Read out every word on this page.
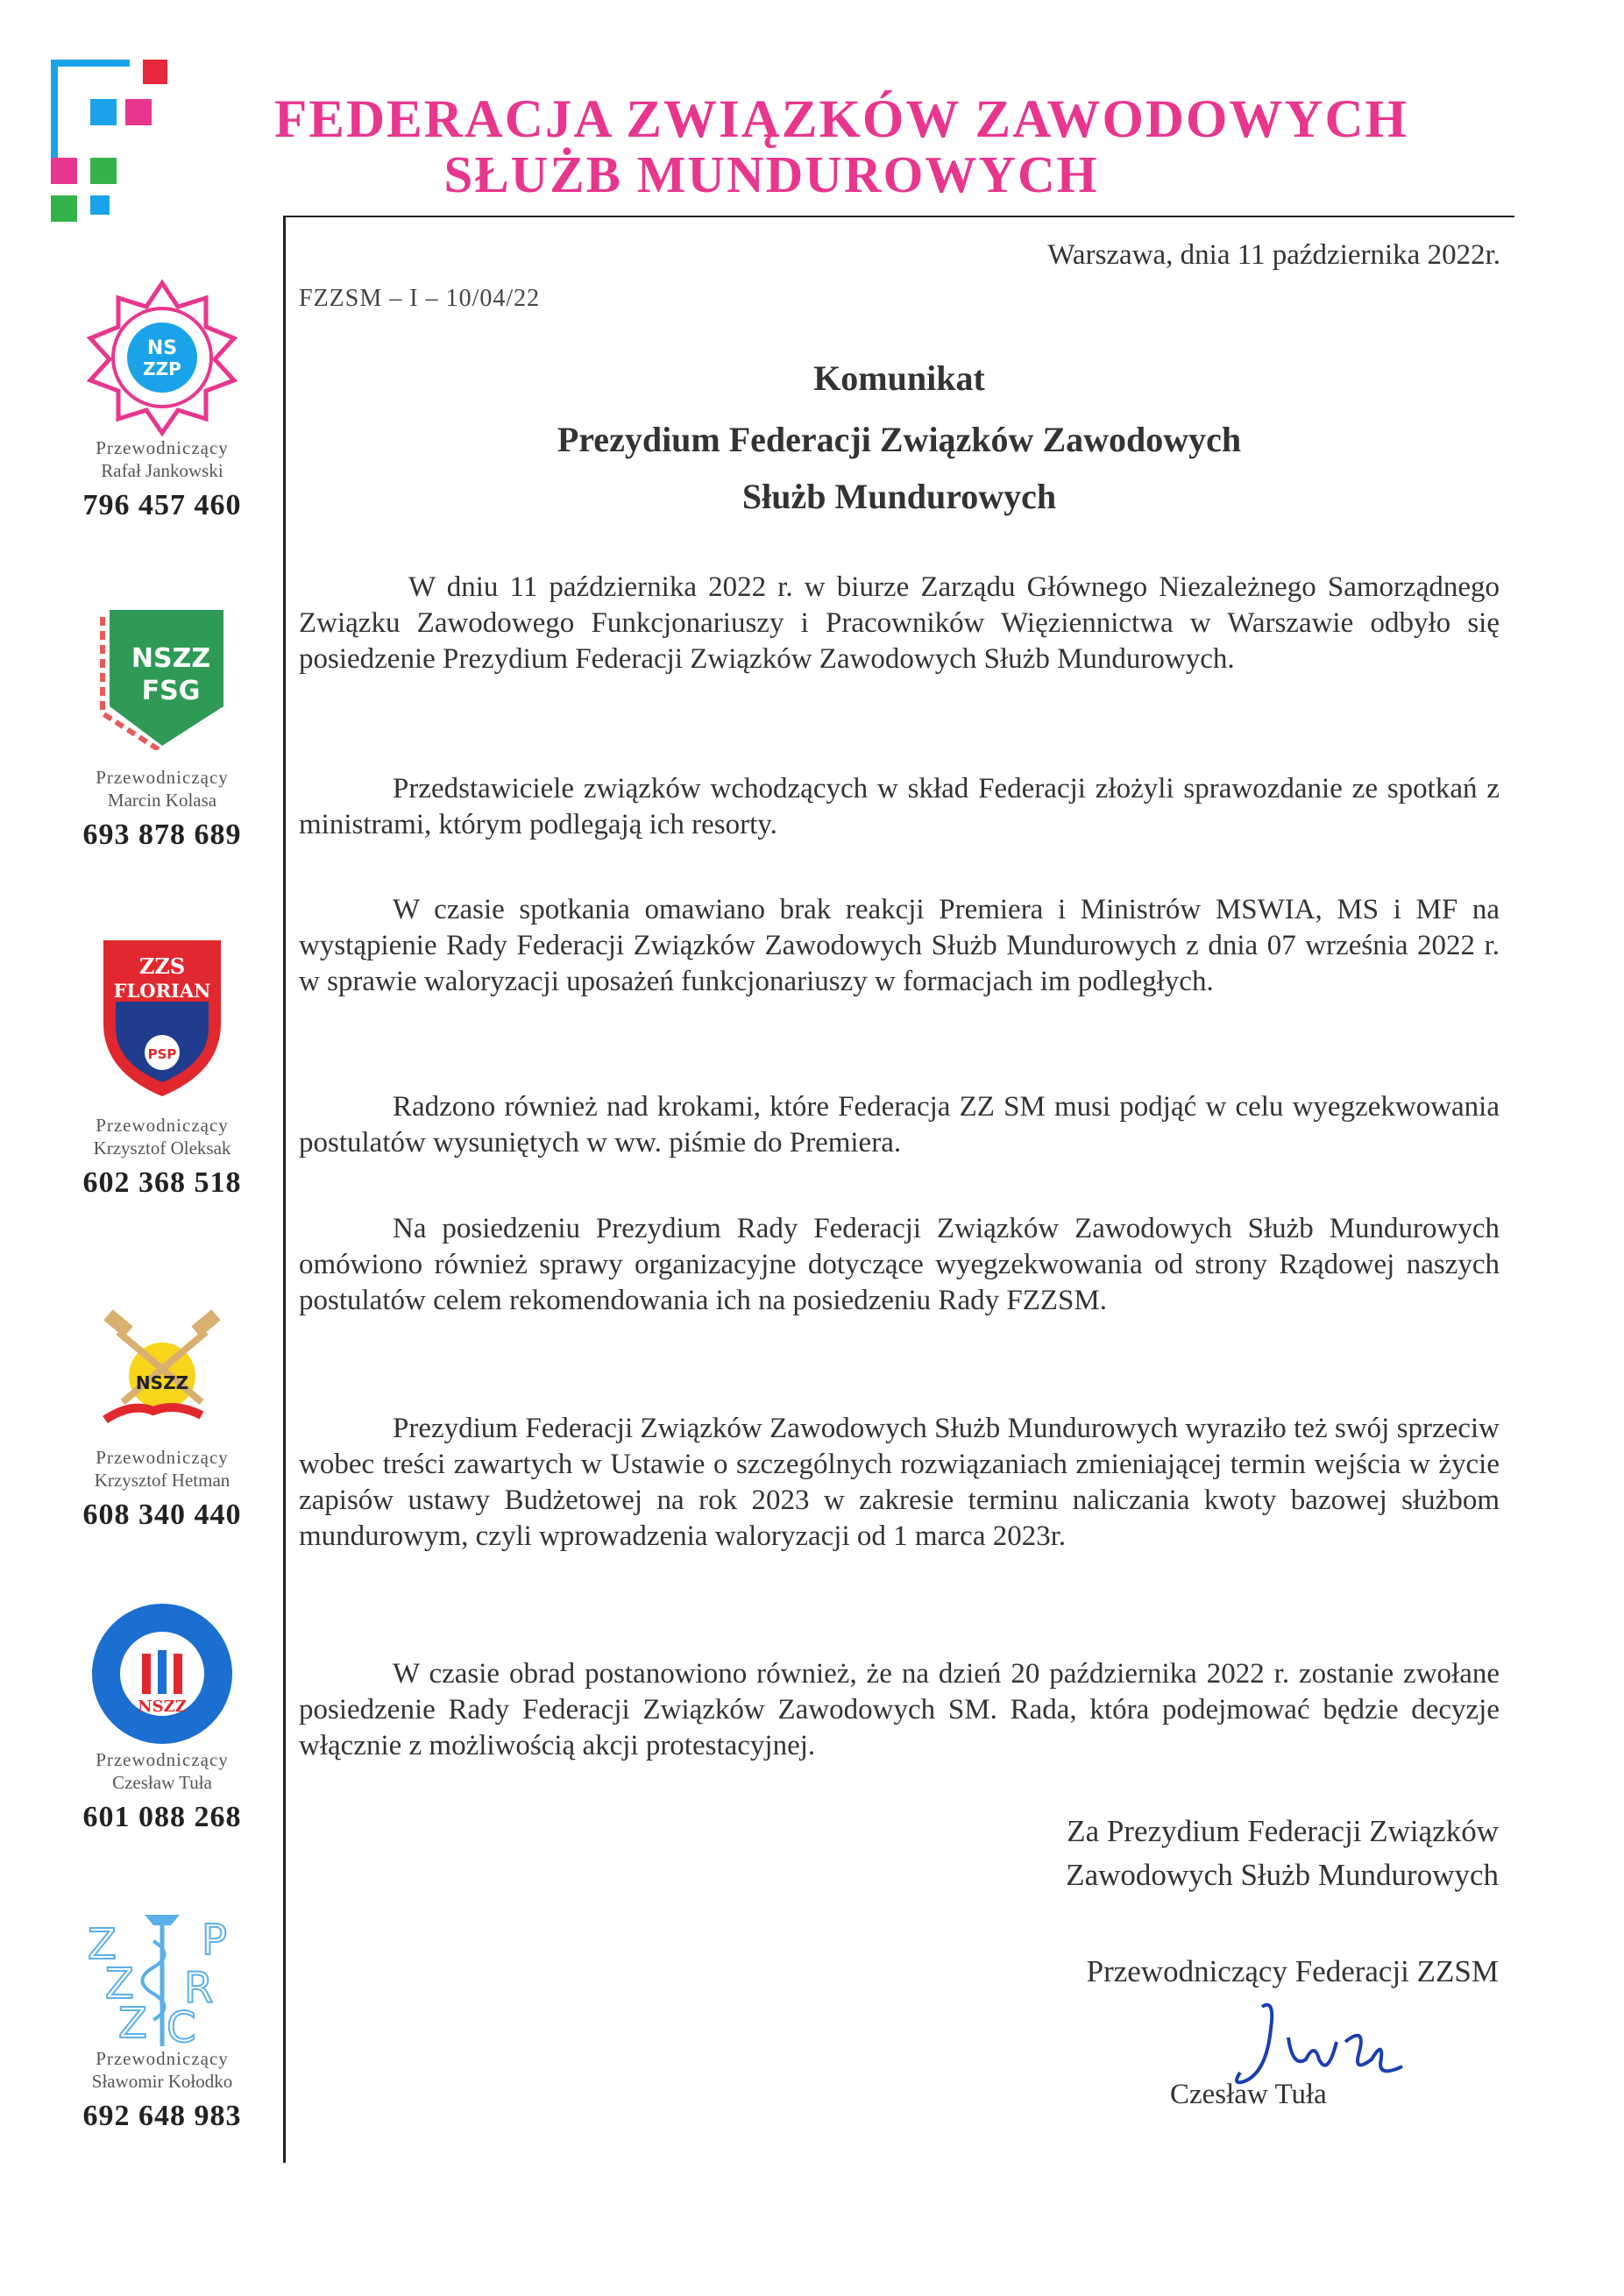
FEDERACJA ZWIĄZKÓW ZAWODOWYCH
SŁUŻB MUNDUROWYCH
NS
ZZP
Przewodniczący
Rafał Jankowski
796 457 460
NSZZ
FSG
Przewodniczący
Marcin Kolasa
693 878 689
ZZS
FLORIAN
PSP
Przewodniczący
Krzysztof Oleksak
602 368 518
NSZZ
Przewodniczący
Krzysztof Hetman
608 340 440
NSZZ
Przewodniczący
Czesław Tuła
601 088 268
Z P
Z R
Z C
Przewodniczący
Sławomir Kołodko
692 648 983
Warszawa, dnia 11 października 2022r.
FZZSM – I – 10/04/22
Komunikat
Prezydium Federacji Związków Zawodowych
Służb Mundurowych

W dniu 11 października 2022 r. w biurze Zarządu Głównego Niezależnego Samorządnego Związku Zawodowego Funkcjonariuszy i Pracowników Więziennictwa w Warszawie odbyło się posiedzenie Prezydium Federacji Związków Zawodowych Służb Mundurowych.

Przedstawiciele związków wchodzących w skład Federacji złożyli sprawozdanie ze spotkań z ministrami, którym podlegają ich resorty.

W czasie spotkania omawiano brak reakcji Premiera i Ministrów MSWIA, MS i MF na wystąpienie Rady Federacji Związków Zawodowych Służb Mundurowych z dnia 07 września 2022 r. w sprawie waloryzacji uposażeń funkcjonariuszy w formacjach im podległych.

Radzono również nad krokami, które Federacja ZZ SM musi podjąć w celu wyegzekwowania postulatów wysuniętych w ww. piśmie do Premiera.

Na posiedzeniu Prezydium Rady Federacji Związków Zawodowych Służb Mundurowych omówiono również sprawy organizacyjne dotyczące wyegzekwowania od strony Rządowej naszych postulatów celem rekomendowania ich na posiedzeniu Rady FZZSM.

Prezydium Federacji Związków Zawodowych Służb Mundurowych wyraziło też swój sprzeciw wobec treści zawartych w Ustawie o szczególnych rozwiązaniach zmieniającej termin wejścia w życie zapisów ustawy Budżetowej na rok 2023 w zakresie terminu naliczania kwoty bazowej służbom mundurowym, czyli wprowadzenia waloryzacji od 1 marca 2023r.

W czasie obrad postanowiono również, że na dzień 20 października 2022 r. zostanie zwołane posiedzenie Rady Federacji Związków Zawodowych SM. Rada, która podejmować będzie decyzje włącznie z możliwością akcji protestacyjnej.

Za Prezydium Federacji Związków
Zawodowych Służb Mundurowych
Przewodniczący Federacji ZZSM
Czesław Tuła
